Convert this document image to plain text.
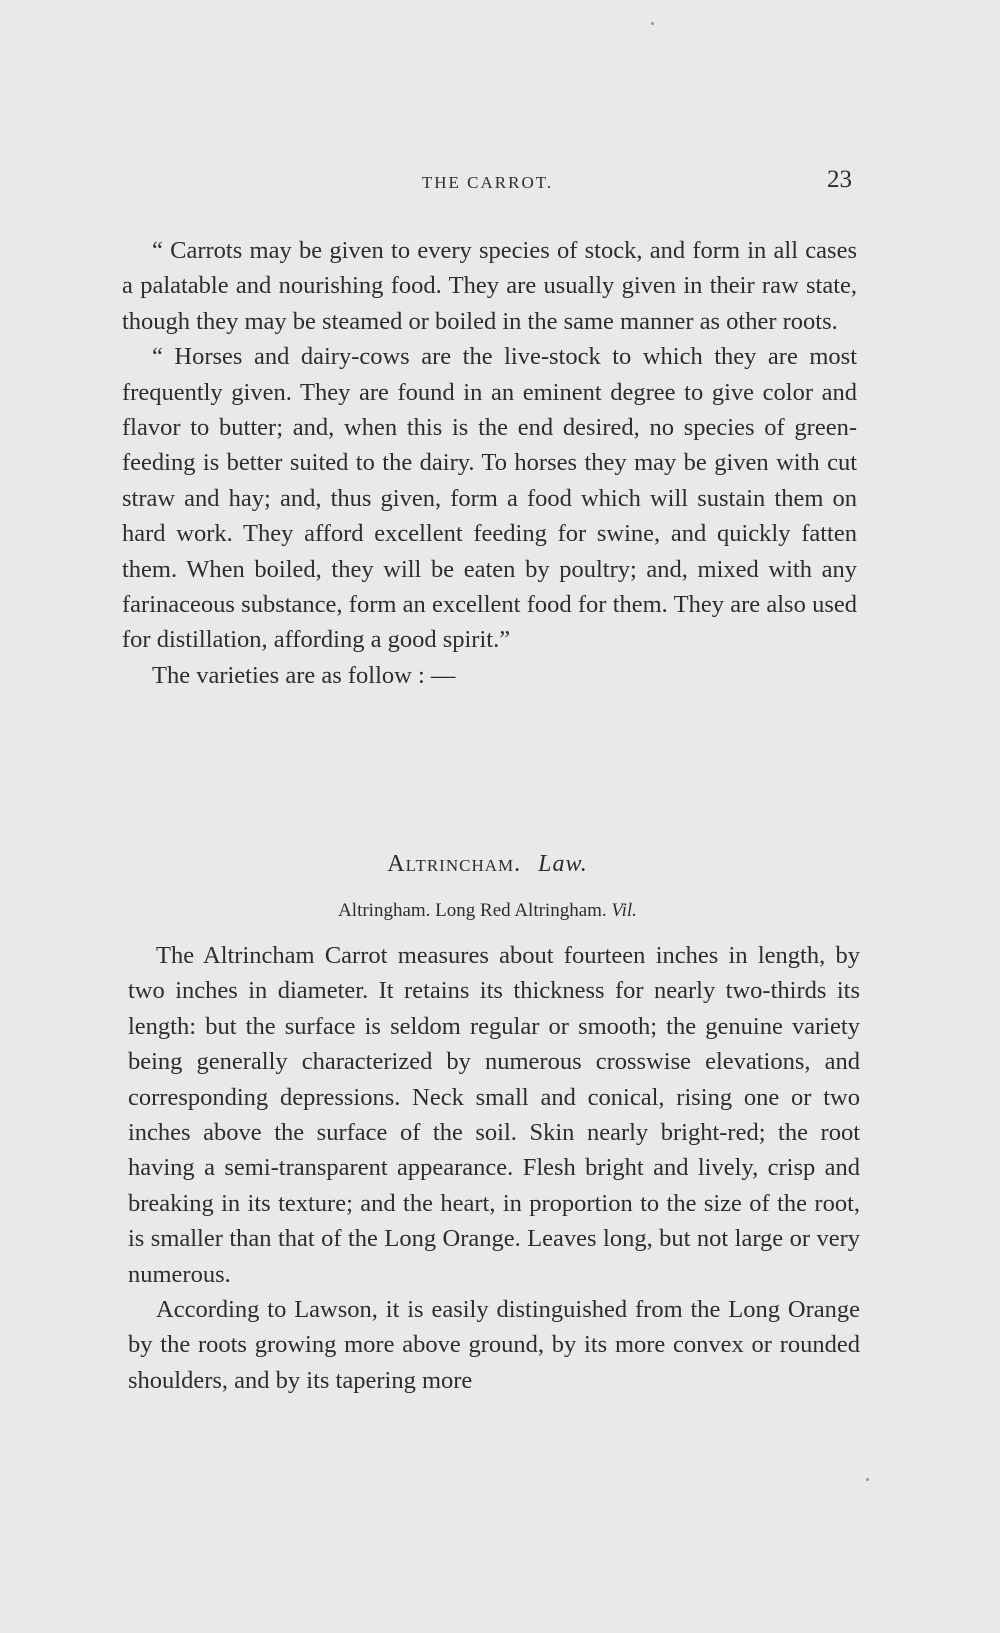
THE CARROT.	23

“ Carrots may be given to every species of stock, and form in all cases a palatable and nourishing food. They are usually given in their raw state, though they may be steamed or boiled in the same manner as other roots.

“ Horses and dairy-cows are the live-stock to which they are most frequently given. They are found in an eminent degree to give color and flavor to butter; and, when this is the end desired, no species of green-feeding is better suited to the dairy. To horses they may be given with cut straw and hay; and, thus given, form a food which will sustain them on hard work. They afford excellent feeding for swine, and quickly fatten them. When boiled, they will be eaten by poultry; and, mixed with any farinaceous substance, form an excellent food for them. They are also used for distillation, affording a good spirit.”

The varieties are as follow : —

Altrincham. Law.
Altringham. Long Red Altringham. Vil.

The Altrincham Carrot measures about fourteen inches in length, by two inches in diameter. It retains its thickness for nearly two-thirds its length: but the surface is seldom regular or smooth; the genuine variety being generally characterized by numerous crosswise elevations, and corresponding depressions. Neck small and conical, rising one or two inches above the surface of the soil. Skin nearly bright-red; the root having a semi-transparent appearance. Flesh bright and lively, crisp and breaking in its texture; and the heart, in proportion to the size of the root, is smaller than that of the Long Orange. Leaves long, but not large or very numerous.

According to Lawson, it is easily distinguished from the Long Orange by the roots growing more above ground, by its more convex or rounded shoulders, and by its tapering more
